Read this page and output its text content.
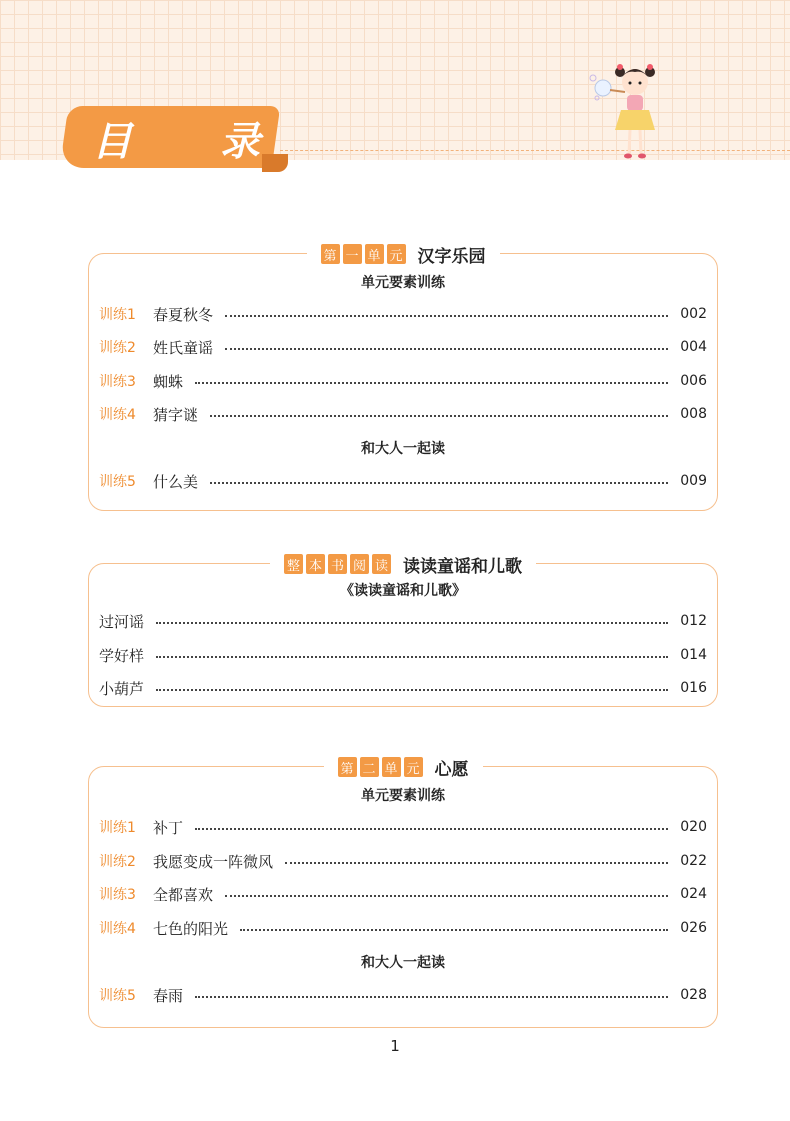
目 录
第 一 单 元 汉字乐园
单元要素训练
训练1	春夏秋冬	002
训练2	姓氏童谣	004
训练3	蜘蛛	006
训练4	猜字谜	008
和大人一起读
训练5	什么美	009
整 本 书 阅 读 读读童谣和儿歌
《读读童谣和儿歌》
过河谣	012
学好样	014
小葫芦	016
第 二 单 元 心愿
单元要素训练
训练1	补丁	020
训练2	我愿变成一阵微风	022
训练3	全都喜欢	024
训练4	七色的阳光	026
和大人一起读
训练5	春雨	028
1
